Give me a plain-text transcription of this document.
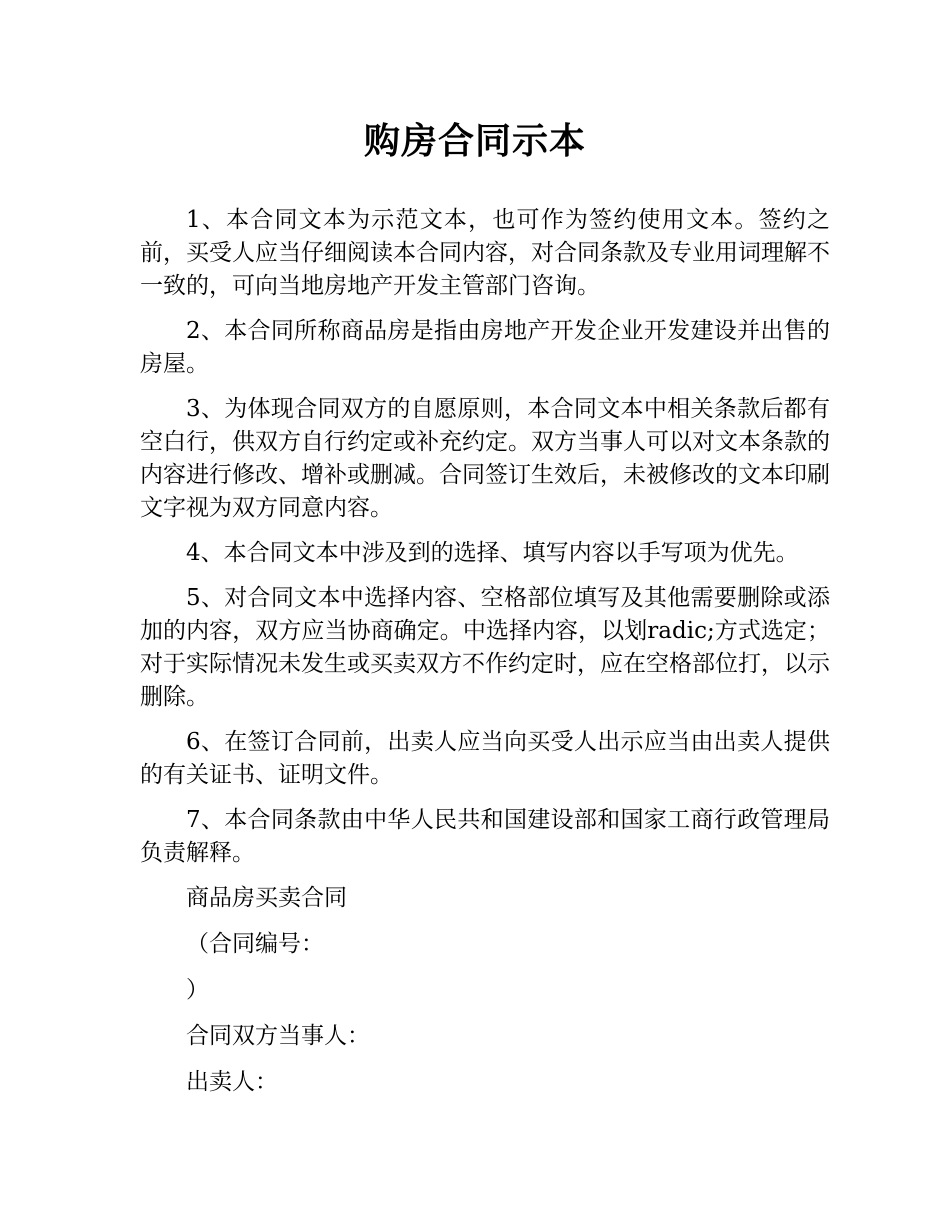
购房合同示本

1、本合同文本为示范文本，也可作为签约使用文本。签约之前，买受人应当仔细阅读本合同内容，对合同条款及专业用词理解不一致的，可向当地房地产开发主管部门咨询。

2、本合同所称商品房是指由房地产开发企业开发建设并出售的房屋。

3、为体现合同双方的自愿原则，本合同文本中相关条款后都有空白行，供双方自行约定或补充约定。双方当事人可以对文本条款的内容进行修改、增补或删减。合同签订生效后，未被修改的文本印刷文字视为双方同意内容。

4、本合同文本中涉及到的选择、填写内容以手写项为优先。

5、对合同文本中选择内容、空格部位填写及其他需要删除或添加的内容，双方应当协商确定。中选择内容，以划radic;方式选定；对于实际情况未发生或买卖双方不作约定时，应在空格部位打，以示删除。

6、在签订合同前，出卖人应当向买受人出示应当由出卖人提供的有关证书、证明文件。

7、本合同条款由中华人民共和国建设部和国家工商行政管理局负责解释。

商品房买卖合同
（合同编号：
）
合同双方当事人：
出卖人：
